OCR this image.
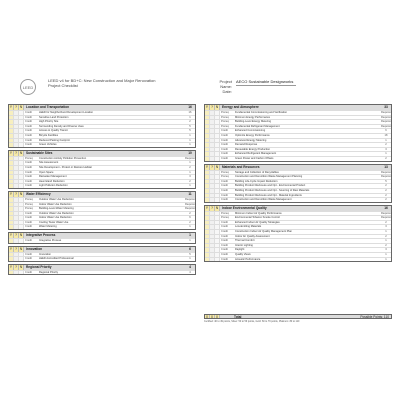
LEED
LEED v4 for BD+C: New Construction and Major Renovation
Project Checklist
Project Name:
Date:
AECO Sustainable Designworks
Y ? N	Location and Transportation	16
Credit	LEED for Neighborhood Development Location	16
Credit	Sensitive Land Protection	1
Credit	High Priority Site	2
Credit	Surrounding Density and Diverse Uses	5
Credit	Access to Quality Transit	5
Credit	Bicycle Facilities	1
Credit	Reduced Parking Footprint	1
Credit	Green Vehicles	1
Y ? N	Sustainable Sites	10
Prereq	Construction Activity Pollution Prevention	Required
Credit	Site Assessment	1
Credit	Site Development - Protect or Restore Habitat	2
Credit	Open Space	1
Credit	Rainwater Management	3
Credit	Heat Island Reduction	2
Credit	Light Pollution Reduction	1
Y ? N	Water Efficiency	11
Prereq	Outdoor Water Use Reduction	Required
Prereq	Indoor Water Use Reduction	Required
Prereq	Building-Level Water Metering	Required
Credit	Outdoor Water Use Reduction	2
Credit	Indoor Water Use Reduction	6
Credit	Cooling Tower Water Use	2
Credit	Water Metering	1
Y ? N	Integrative Process	1
Credit	Integrative Process	1
Y ? N	Innovation	6
Credit	Innovation	5
Credit	LEED Accredited Professional	1
Y ? N	Regional Priority	4
Credit	Regional Priority	4
Y ? N	Energy and Atmosphere	33
Prereq	Fundamental Commissioning and Verification	Required
Prereq	Minimum Energy Performance	Required
Prereq	Building-Level Energy Metering	Required
Prereq	Fundamental Refrigerant Management	Required
Credit	Enhanced Commissioning	6
Credit	Optimize Energy Performance	18
Credit	Advanced Energy Metering	1
Credit	Demand Response	2
Credit	Renewable Energy Production	3
Credit	Enhanced Refrigerant Management	1
Credit	Green Power and Carbon Offsets	2
Y ? N	Materials and Resources	13
Prereq	Storage and Collection of Recyclables	Required
Prereq	Construction and Demolition Waste Management Planning	Required
Credit	Building Life-Cycle Impact Reduction	5
Credit	Building Product Disclosure and Opt - Environmental Product	2
Credit	Building Product Disclosure and Opt - Sourcing of Raw Materials	2
Credit	Building Product Disclosure and Opt - Material Ingredients	2
Credit	Construction and Demolition Waste Management	2
Y ? N	Indoor Environmental Quality	16
Prereq	Minimum Indoor Air Quality Performance	Required
Prereq	Environmental Tobacco Smoke Control	Required
Credit	Enhanced Indoor Air Quality Strategies	2
Credit	Low-Emitting Materials	3
Credit	Construction Indoor Air Quality Management Plan	1
Credit	Indoor Air Quality Assessment	2
Credit	Thermal Comfort	1
Credit	Interior Lighting	2
Credit	Daylight	3
Credit	Quality Views	1
Credit	Acoustic Performance	1
0	0	0	Total	Possible Points: 110
Certified: 40 to 49 points, Silver: 50 to 59 points, Gold: 60 to 79 points, Platinum: 80 to 110
